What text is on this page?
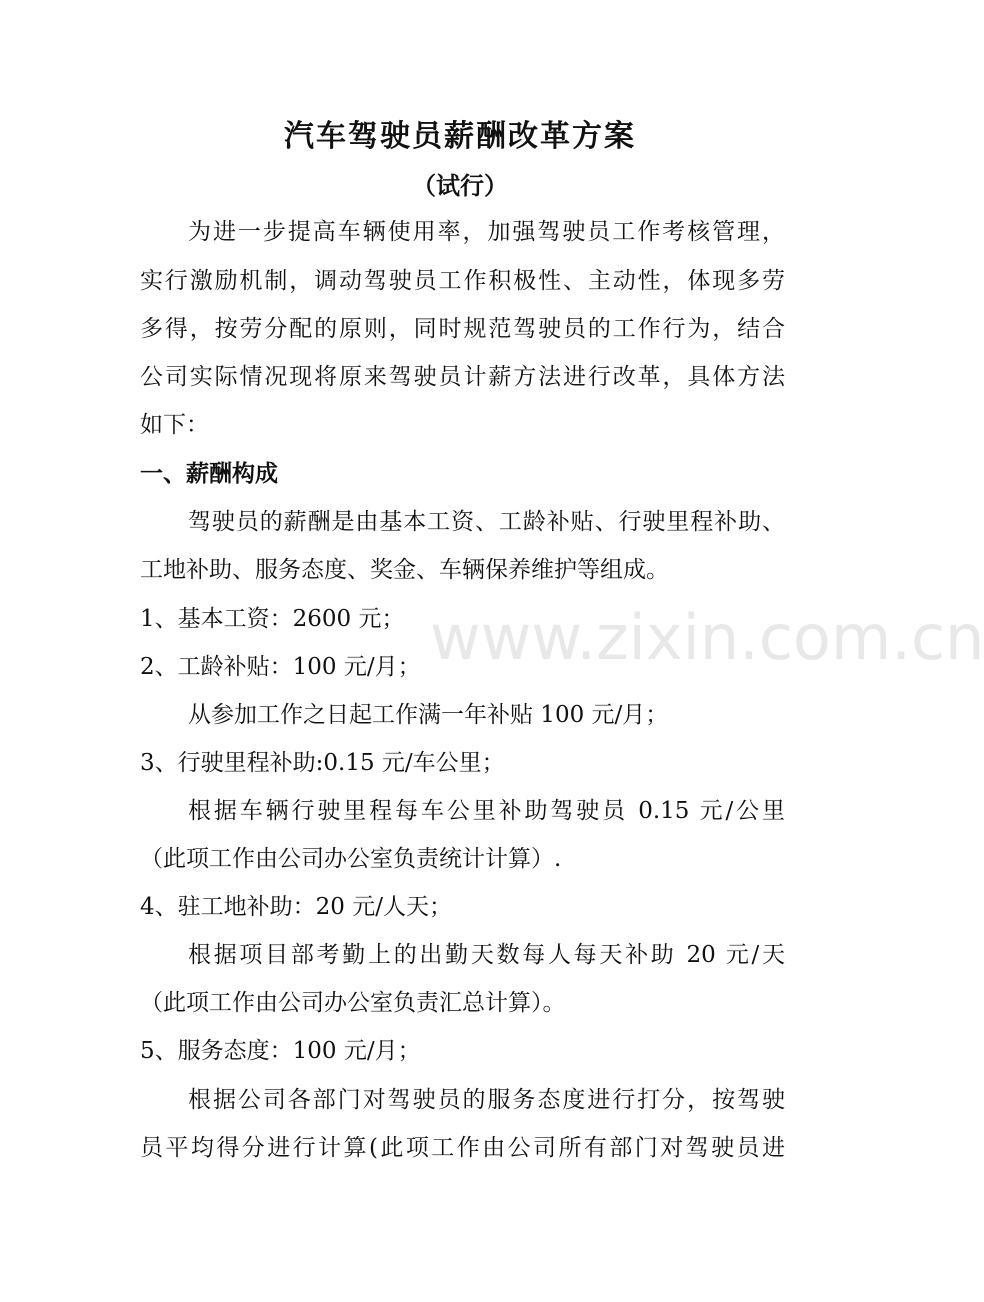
汽车驾驶员薪酬改革方案
（试行）
为进一步提高车辆使用率，加强驾驶员工作考核管理，
实行激励机制，调动驾驶员工作积极性、主动性，体现多劳
多得，按劳分配的原则，同时规范驾驶员的工作行为，结合
公司实际情况现将原来驾驶员计薪方法进行改革，具体方法
如下：
一、薪酬构成
驾驶员的薪酬是由基本工资、工龄补贴、行驶里程补助、
工地补助、服务态度、奖金、车辆保养维护等组成。
1、基本工资：2600 元；
2、工龄补贴：100 元/月；
从参加工作之日起工作满一年补贴 100 元/月；
3、行驶里程补助:0.15 元/车公里；
根据车辆行驶里程每车公里补助驾驶员 0.15 元/公里
（此项工作由公司办公室负责统计计算）.
4、驻工地补助：20 元/人天；
根据项目部考勤上的出勤天数每人每天补助 20 元/天
（此项工作由公司办公室负责汇总计算）。
5、服务态度：100 元/月；
根据公司各部门对驾驶员的服务态度进行打分，按驾驶
员平均得分进行计算(此项工作由公司所有部门对驾驶员进
www.zixin.com.cn
